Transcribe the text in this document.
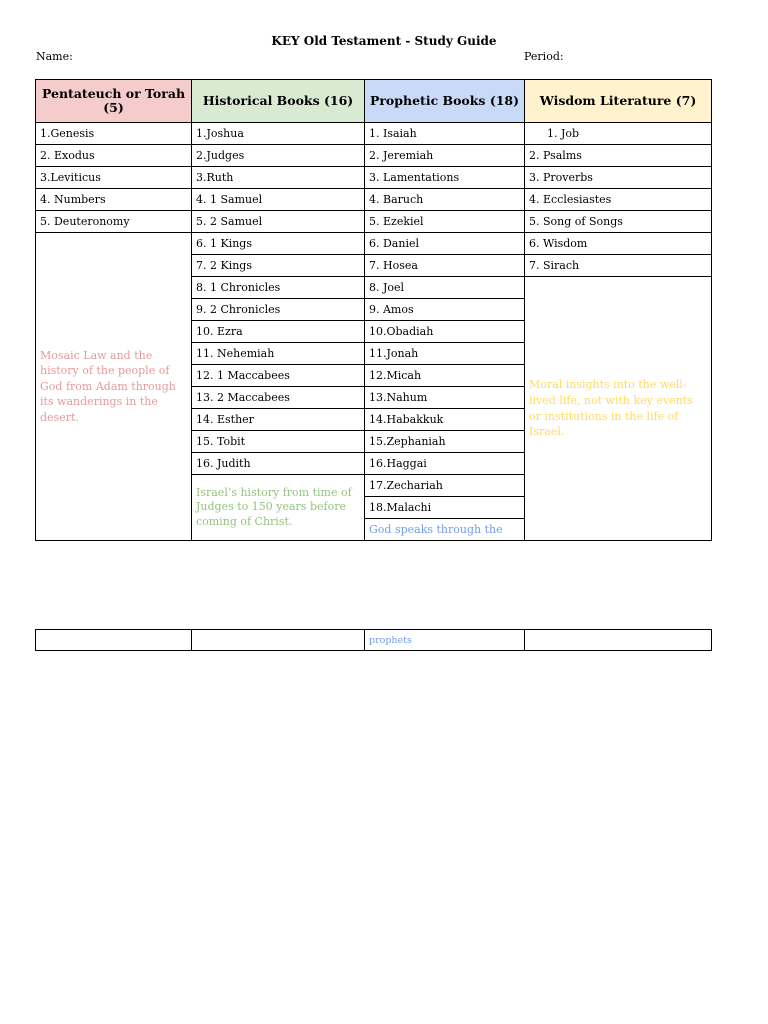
KEY Old Testament - Study Guide
Name:	Period:
Pentateuch or Torah (5)	Historical Books (16)	Prophetic Books (18)	Wisdom Literature (7)
1.Genesis	1.Joshua	1. Isaiah	1. Job
2. Exodus	2.Judges	2. Jeremiah	2. Psalms
3.Leviticus	3.Ruth	3. Lamentations	3. Proverbs
4. Numbers	4. 1 Samuel	4. Baruch	4. Ecclesiastes
5. Deuteronomy	5. 2 Samuel	5. Ezekiel	5. Song of Songs
Mosaic Law and the history of the people of God from Adam through its wanderings in the desert.	6. 1 Kings	6. Daniel	6. Wisdom
	7. 2 Kings	7. Hosea	7. Sirach
	8. 1 Chronicles	8. Joel	Moral insights into the well-lived life, not with key events or institutions in the life of Israel.
	9. 2 Chronicles	9. Amos	
	10. Ezra	10.Obadiah	
	11. Nehemiah	11.Jonah	
	12. 1 Maccabees	12.Micah	
	13. 2 Maccabees	13.Nahum	
	14. Esther	14.Habakkuk	
	15. Tobit	15.Zephaniah	
	16. Judith	16.Haggai	
	Israel’s history from time of Judges to 150 years before coming of Christ.	17.Zechariah	
		18.Malachi	
		God speaks through the	
		prophets	
